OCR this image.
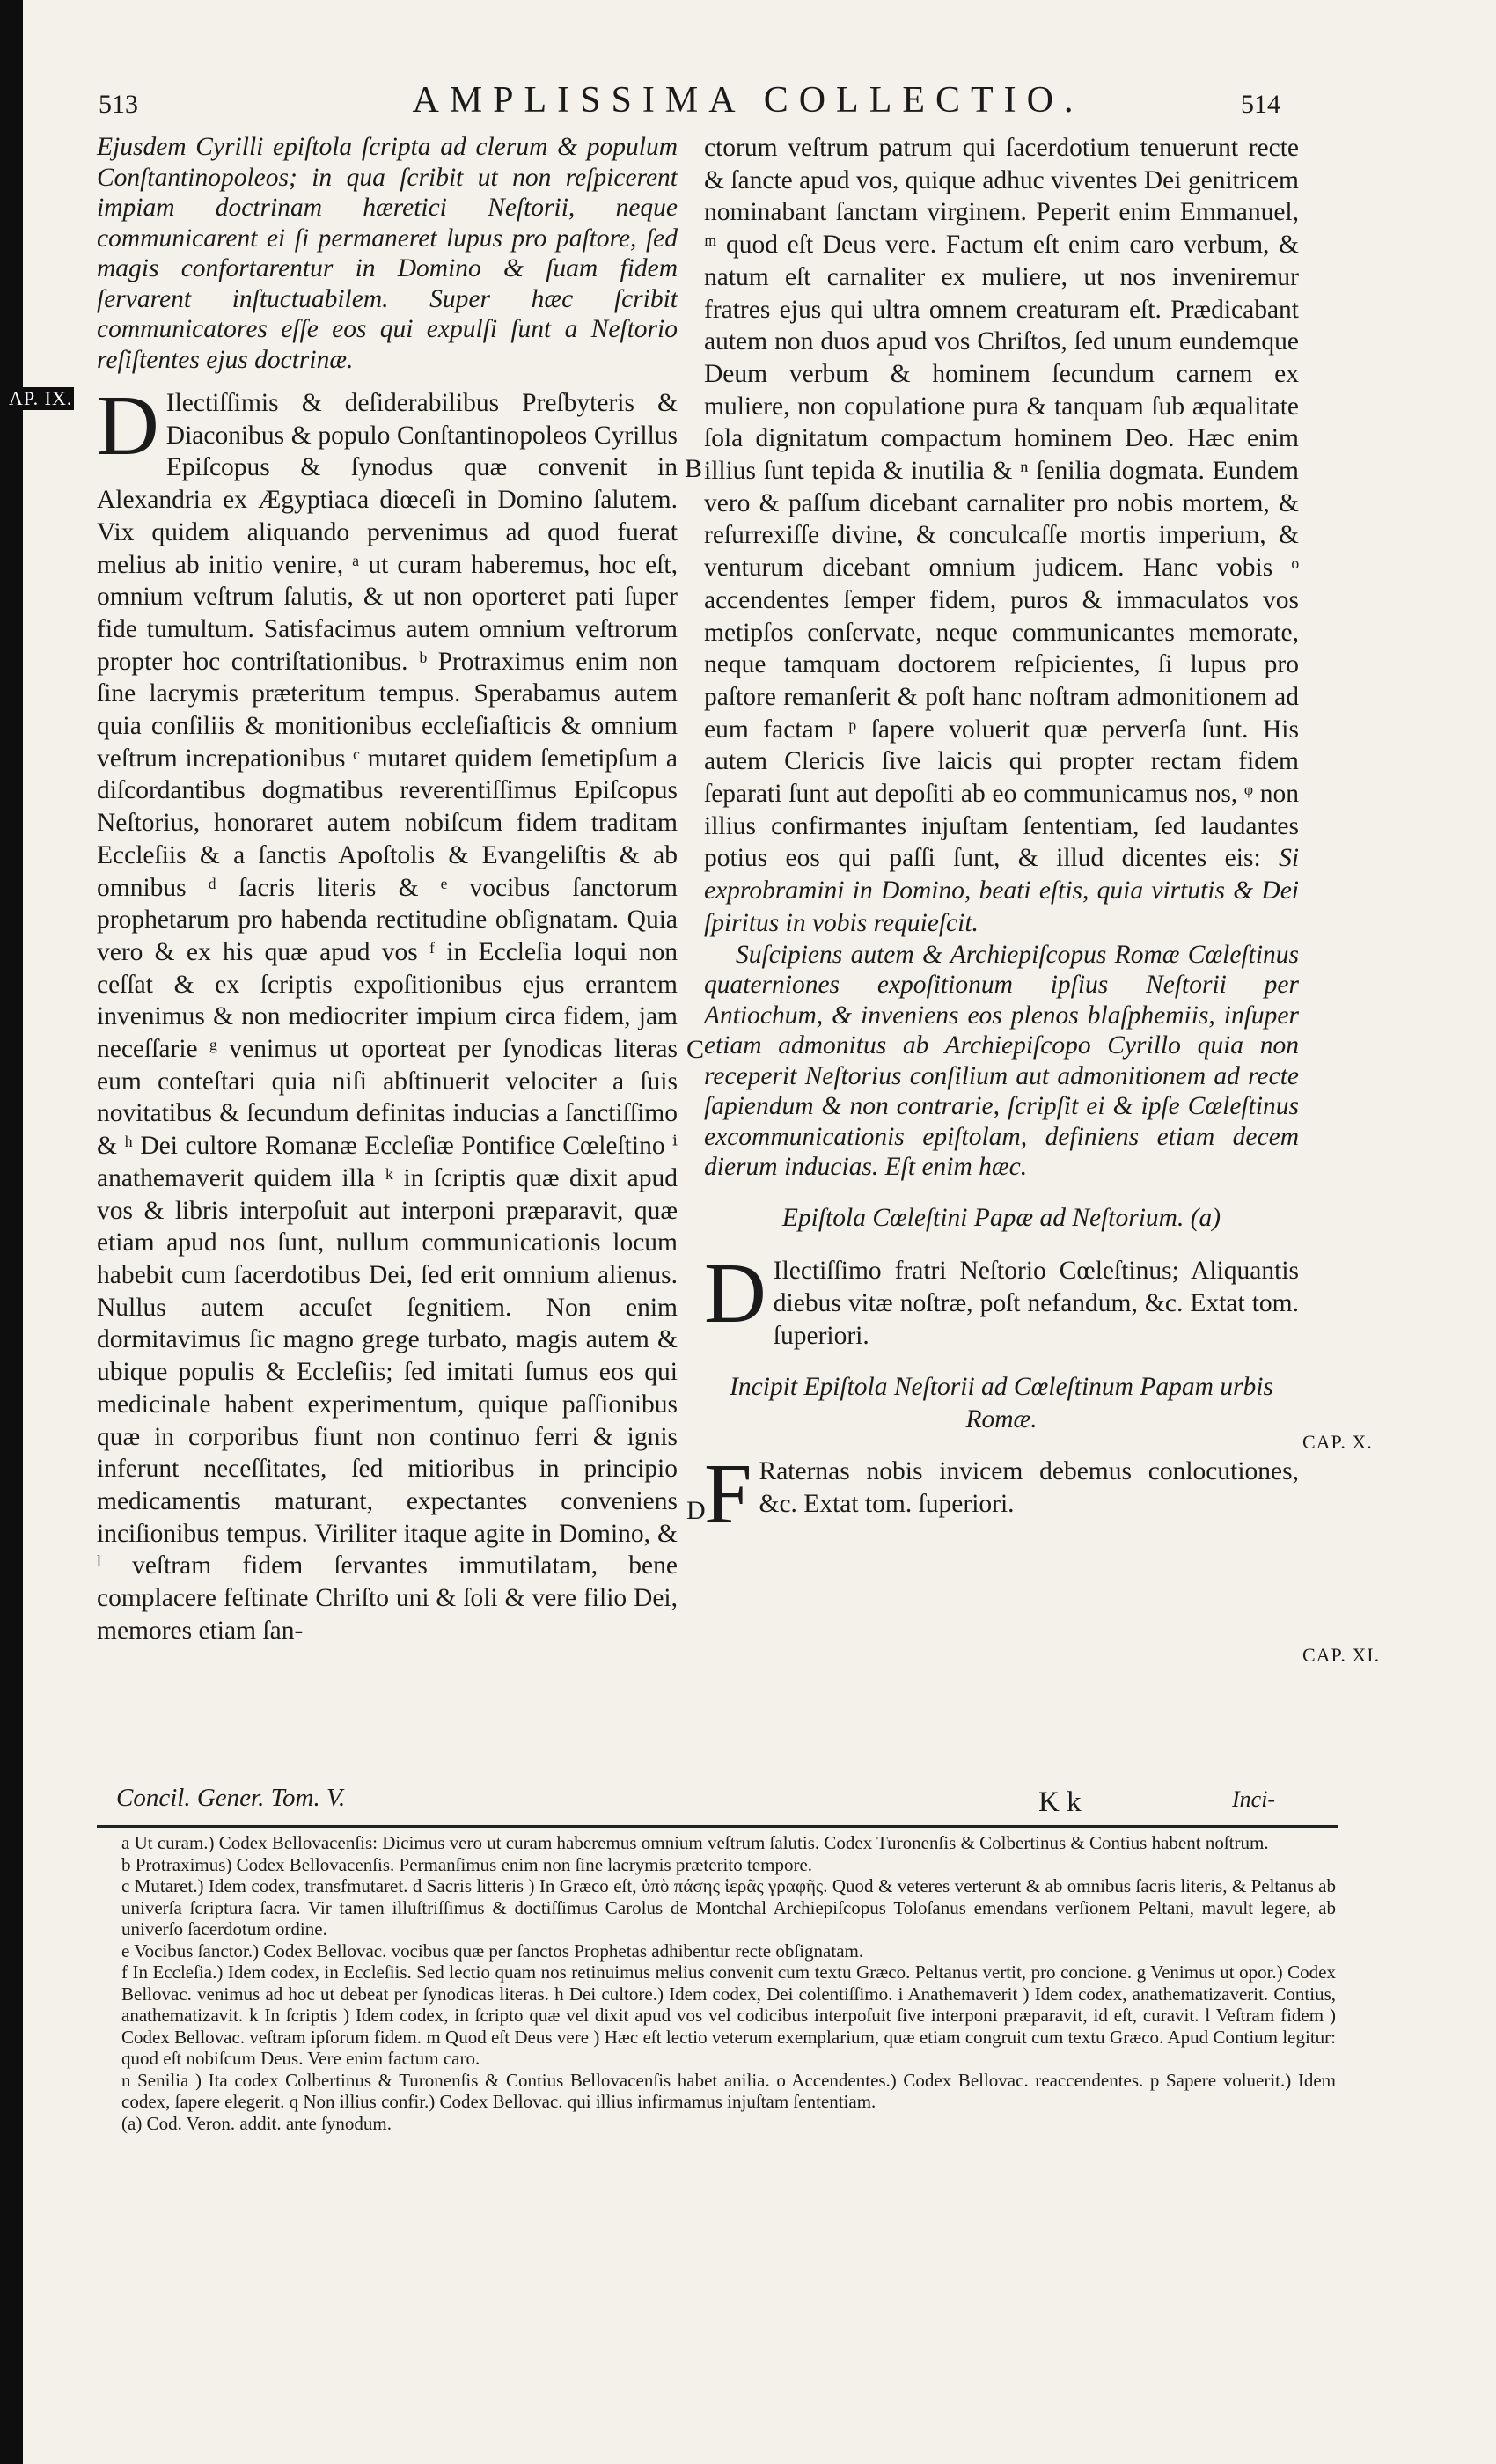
513	AMPLISSIMA COLLECTIO.	514
AP. IX.

Ejusdem Cyrilli epiſtola ſcripta ad clerum & populum Conſtantinopoleos; in qua ſcribit ut non reſpicerent impiam doctrinam hæretici Neſtorii, neque communicarent ei ſi permaneret lupus pro paſtore, ſed magis confortarentur in Domino & ſuam fidem ſervarent inſtuctuabilem. Super hæc ſcribit communicatores eſſe eos qui expulſi ſunt a Neſtorio reſiſtentes ejus doctrinæ.

D Ilectiſſimis & deſiderabilibus Preſbyteris & Diaconibus & populo Conſtantinopoleos Cyrillus Epiſcopus & ſynodus quæ convenit in Alexandria ex Ægyptiaca diœceſi in Domino ſalutem. Vix quidem aliquando pervenimus ad quod fuerat melius ab initio venire, ᵃ ut curam haberemus, hoc eſt, omnium veſtrum ſalutis, & ut non oporteret pati ſuper fide tumultum. Satisfacimus autem omnium veſtrorum propter hoc contriſtationibus. ᵇ Protraximus enim non ſine lacrymis præteritum tempus. Sperabamus autem quia conſiliis & monitionibus eccleſiaſticis & omnium veſtrum increpationibus ᶜ mutaret quidem ſemetipſum a diſcordantibus dogmatibus reverentiſſimus Epiſcopus Neſtorius, honoraret autem nobiſcum fidem traditam Eccleſiis & a ſanctis Apoſtolis & Evangeliſtis & ab omnibus ᵈ ſacris literis & ᵉ vocibus ſanctorum prophetarum pro habenda rectitudine obſignatam. Quia vero & ex his quæ apud vos ᶠ in Eccleſia loqui non ceſſat & ex ſcriptis expoſitionibus ejus errantem invenimus & non mediocriter impium circa fidem, jam neceſſarie ᵍ venimus ut oporteat per ſynodicas literas eum conteſtari quia niſi abſtinuerit velociter a ſuis novitatibus & ſecundum definitas inducias a ſanctiſſimo & ʰ Dei cultore Romanæ Eccleſiæ Pontifice Cœleſtino ⁱ anathemaverit quidem illa ᵏ in ſcriptis quæ dixit apud vos & libris interpoſuit aut interponi præparavit, quæ etiam apud nos ſunt, nullum communicationis locum habebit cum ſacerdotibus Dei, ſed erit omnium alienus. Nullus autem accuſet ſegnitiem. Non enim dormitavimus ſic magno grege turbato, magis autem & ubique populis & Eccleſiis; ſed imitati ſumus eos qui medicinale habent experimentum, quique paſſionibus quæ in corporibus fiunt non continuo ferri & ignis inferunt neceſſitates, ſed mitioribus in principio medicamentis maturant, expectantes conveniens inciſionibus tempus. Viriliter itaque agite in Domino, & ˡ veſtram fidem ſervantes immutilatam, bene complacere feſtinate Chriſto uni & ſoli & vere filio Dei, memores etiam ſan-

B
C
D

ctorum veſtrum patrum qui ſacerdotium tenuerunt recte & ſancte apud vos, quique adhuc viventes Dei genitricem nominabant ſanctam virginem. Peperit enim Emmanuel, ᵐ quod eſt Deus vere. Factum eſt enim caro verbum, & natum eſt carnaliter ex muliere, ut nos inveniremur fratres ejus qui ultra omnem creaturam eſt. Prædicabant autem non duos apud vos Chriſtos, ſed unum eundemque Deum verbum & hominem ſecundum carnem ex muliere, non copulatione pura & tanquam ſub æqualitate ſola dignitatum compactum hominem Deo. Hæc enim illius ſunt tepida & inutilia & ⁿ ſenilia dogmata. Eundem vero & paſſum dicebant carnaliter pro nobis mortem, & reſurrexiſſe divine, & conculcaſſe mortis imperium, & venturum dicebant omnium judicem. Hanc vobis ᵒ accendentes ſemper fidem, puros & immaculatos vos metipſos conſervate, neque communicantes memorate, neque tamquam doctorem reſpicientes, ſi lupus pro paſtore remanſerit & poſt hanc noſtram admonitionem ad eum factam ᵖ ſapere voluerit quæ perverſa ſunt. His autem Clericis ſive laicis qui propter rectam fidem ſeparati ſunt aut depoſiti ab eo communicamus nos, ᵠ non illius confirmantes injuſtam ſententiam, ſed laudantes potius eos qui paſſi ſunt, & illud dicentes eis: Si exprobramini in Domino, beati eſtis, quia virtutis & Dei ſpiritus in vobis requieſcit.

Suſcipiens autem & Archiepiſcopus Romæ Cœleſtinus quaterniones expoſitionum ipſius Neſtorii per Antiochum, & inveniens eos plenos blaſphemiis, inſuper etiam admonitus ab Archiepiſcopo Cyrillo quia non receperit Neſtorius conſilium aut admonitionem ad recte ſapiendum & non contrarie, ſcripſit ei & ipſe Cœleſtinus excommunicationis epiſtolam, definiens etiam decem dierum inducias. Eſt enim hæc.

Epiſtola Cœleſtini Papæ ad Neſtorium. (a)

D Ilectiſſimo fratri Neſtorio Cœleſtinus; Aliquantis diebus vitæ noſtræ, poſt nefandum, &c. Extat tom. ſuperiori.

Incipit Epiſtola Neſtorii ad Cœleſtinum Papam urbis Romæ.

F Raternas nobis invicem debemus conlocutiones, &c. Extat tom. ſuperiori.

CAP. X.
CAP. XI.
Concil. Gener. Tom. V.	K k	Inci-

a Ut curam.) Codex Bellovacenſis: Dicimus vero ut curam haberemus omnium veſtrum ſalutis. Codex Turonenſis & Colbertinus & Contius habent noſtrum.

b Protraximus) Codex Bellovacenſis. Permanſimus enim non ſine lacrymis præterito tempore.

c Mutaret.) Idem codex, transfmutaret. d Sacris litteris ) In Græco eſt, ὑπὸ πάσης ἱερᾶς γραφῆς. Quod & veteres verterunt & ab omnibus ſacris literis, & Peltanus ab univerſa ſcriptura ſacra. Vir tamen illuſtriſſimus & doctiſſimus Carolus de Montchal Archiepiſcopus Toloſanus emendans verſionem Peltani, mavult legere, ab univerſo ſacerdotum ordine.

e Vocibus ſanctor.) Codex Bellovac. vocibus quæ per ſanctos Prophetas adhibentur recte obſignatam.

f In Eccleſia.) Idem codex, in Eccleſiis. Sed lectio quam nos retinuimus melius convenit cum textu Græco. Peltanus vertit, pro concione. g Venimus ut opor.) Codex Bellovac. venimus ad hoc ut debeat per ſynodicas literas. h Dei cultore.) Idem codex, Dei colentiſſimo. i Anathemaverit ) Idem codex, anathematizaverit. Contius, anathematizavit. k In ſcriptis ) Idem codex, in ſcripto quæ vel dixit apud vos vel codicibus interpoſuit ſive interponi præparavit, id eſt, curavit. l Veſtram fidem ) Codex Bellovac. veſtram ipſorum fidem. m Quod eſt Deus vere ) Hæc eſt lectio veterum exemplarium, quæ etiam congruit cum textu Græco. Apud Contium legitur: quod eſt nobiſcum Deus. Vere enim factum caro.

n Senilia ) Ita codex Colbertinus & Turonenſis & Contius Bellovacenſis habet anilia. o Accendentes.) Codex Bellovac. reaccendentes. p Sapere voluerit.) Idem codex, ſapere elegerit. q Non illius confir.) Codex Bellovac. qui illius infirmamus injuſtam ſententiam.

(a) Cod. Veron. addit. ante ſynodum.
